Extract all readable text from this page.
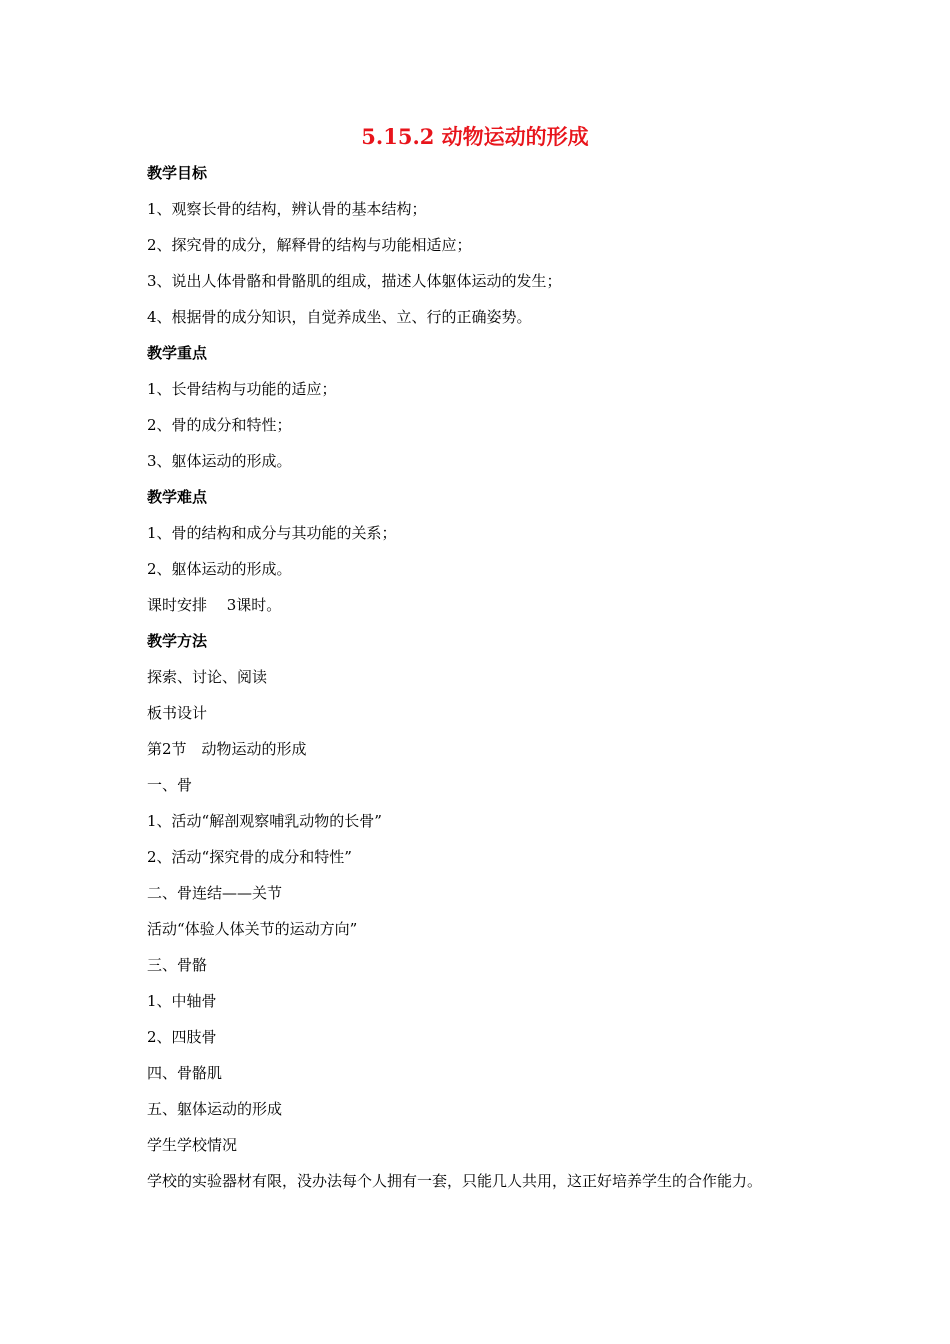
5.15.2 动物运动的形成
教学目标
1、观察长骨的结构，辨认骨的基本结构；
2、探究骨的成分，解释骨的结构与功能相适应；
3、说出人体骨骼和骨骼肌的组成，描述人体躯体运动的发生；
4、根据骨的成分知识，自觉养成坐、立、行的正确姿势。
教学重点
1、长骨结构与功能的适应；
2、骨的成分和特性；
3、躯体运动的形成。
教学难点
1、骨的结构和成分与其功能的关系；
2、躯体运动的形成。
课时安排　 3课时。
教学方法
探索、讨论、阅读
板书设计
第2节　动物运动的形成
一、骨
1、活动“解剖观察哺乳动物的长骨”
2、活动“探究骨的成分和特性”
二、骨连结——关节
活动“体验人体关节的运动方向”
三、骨骼
1、中轴骨
2、四肢骨
四、骨骼肌
五、躯体运动的形成
学生学校情况
学校的实验器材有限，没办法每个人拥有一套，只能几人共用，这正好培养学生的合作能力。
